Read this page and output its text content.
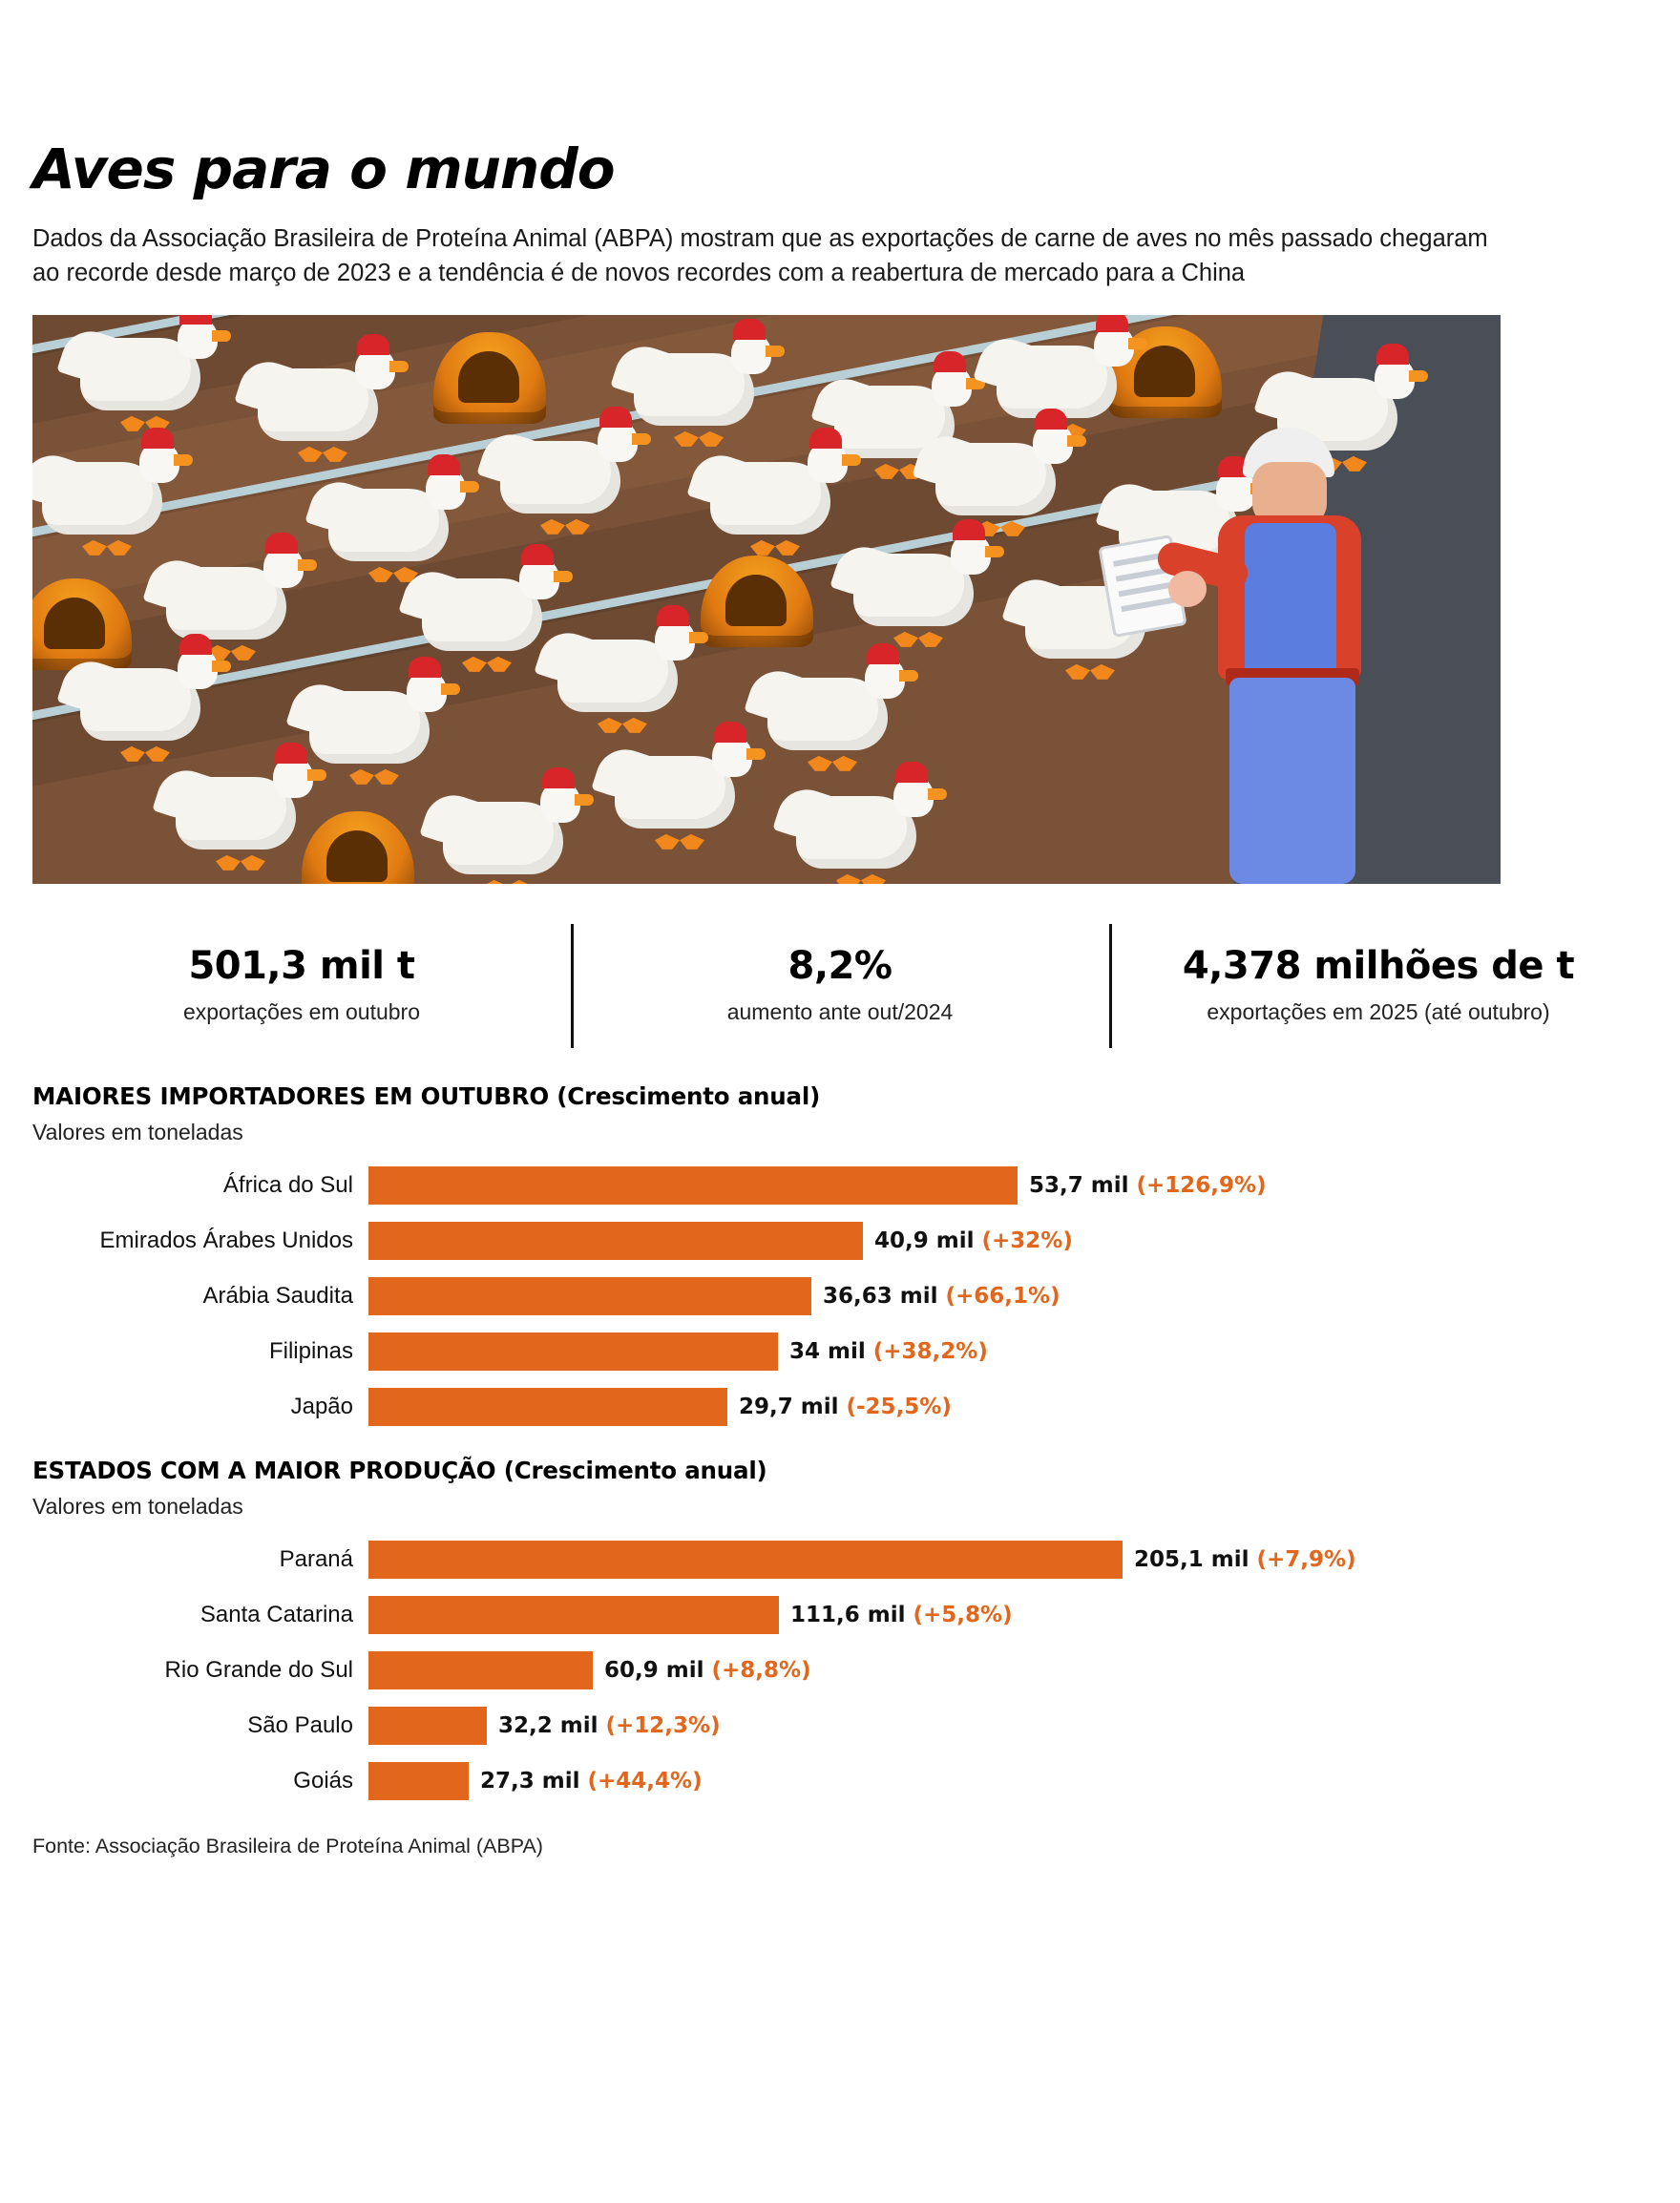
Aves para o mundo

Dados da Associação Brasileira de Proteína Animal (ABPA) mostram que as exportações de carne de aves no mês passado chegaram ao recorde desde março de 2023 e a tendência é de novos recordes com a reabertura de mercado para a China

501,3 mil t
exportações em outubro
8,2%
aumento ante out/2024
4,378 milhões de t
exportações em 2025 (até outubro)
MAIORES IMPORTADORES EM OUTUBRO (Crescimento anual)
Valores em toneladas
África do Sul	53,7 mil (+126,9%)
Emirados Árabes Unidos	40,9 mil (+32%)
Arábia Saudita	36,63 mil (+66,1%)
Filipinas	34 mil (+38,2%)
Japão	29,7 mil (-25,5%)
ESTADOS COM A MAIOR PRODUÇÃO (Crescimento anual)
Valores em toneladas
Paraná	205,1 mil (+7,9%)
Santa Catarina	111,6 mil (+5,8%)
Rio Grande do Sul	60,9 mil (+8,8%)
São Paulo	32,2 mil (+12,3%)
Goiás	27,3 mil (+44,4%)
Fonte: Associação Brasileira de Proteína Animal (ABPA)
